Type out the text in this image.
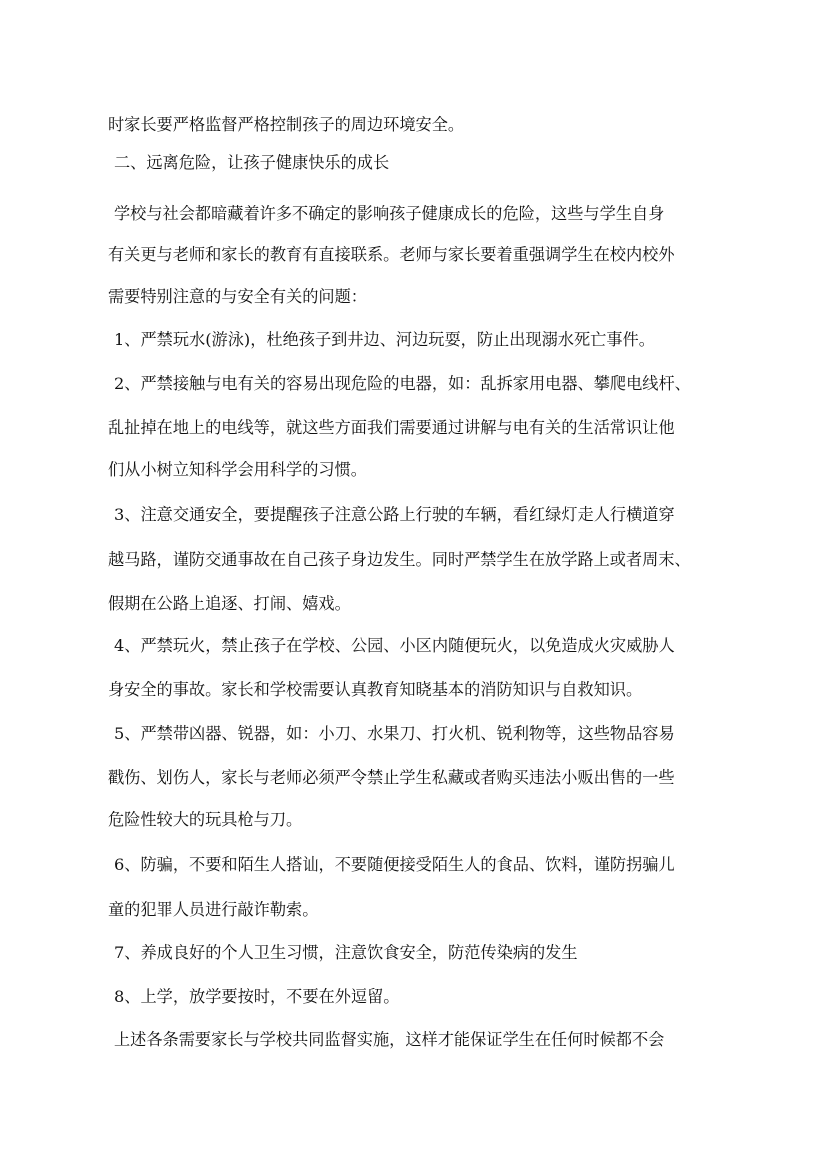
时家长要严格监督严格控制孩子的周边环境安全。
二、远离危险，让孩子健康快乐的成长
学校与社会都暗藏着许多不确定的影响孩子健康成长的危险，这些与学生自身
有关更与老师和家长的教育有直接联系。老师与家长要着重强调学生在校内校外
需要特别注意的与安全有关的问题：
1、严禁玩水(游泳)，杜绝孩子到井边、河边玩耍，防止出现溺水死亡事件。
2、严禁接触与电有关的容易出现危险的电器，如：乱拆家用电器、攀爬电线杆、
乱扯掉在地上的电线等，就这些方面我们需要通过讲解与电有关的生活常识让他
们从小树立知科学会用科学的习惯。
3、注意交通安全，要提醒孩子注意公路上行驶的车辆，看红绿灯走人行横道穿
越马路，谨防交通事故在自己孩子身边发生。同时严禁学生在放学路上或者周末、
假期在公路上追逐、打闹、嬉戏。
4、严禁玩火，禁止孩子在学校、公园、小区内随便玩火，以免造成火灾威胁人
身安全的事故。家长和学校需要认真教育知晓基本的消防知识与自救知识。
5、严禁带凶器、锐器，如：小刀、水果刀、打火机、锐利物等，这些物品容易
戳伤、划伤人，家长与老师必须严令禁止学生私藏或者购买违法小贩出售的一些
危险性较大的玩具枪与刀。
6、防骗，不要和陌生人搭讪，不要随便接受陌生人的食品、饮料，谨防拐骗儿
童的犯罪人员进行敲诈勒索。
7、养成良好的个人卫生习惯，注意饮食安全，防范传染病的发生
8、上学，放学要按时，不要在外逗留。
上述各条需要家长与学校共同监督实施，这样才能保证学生在任何时候都不会
